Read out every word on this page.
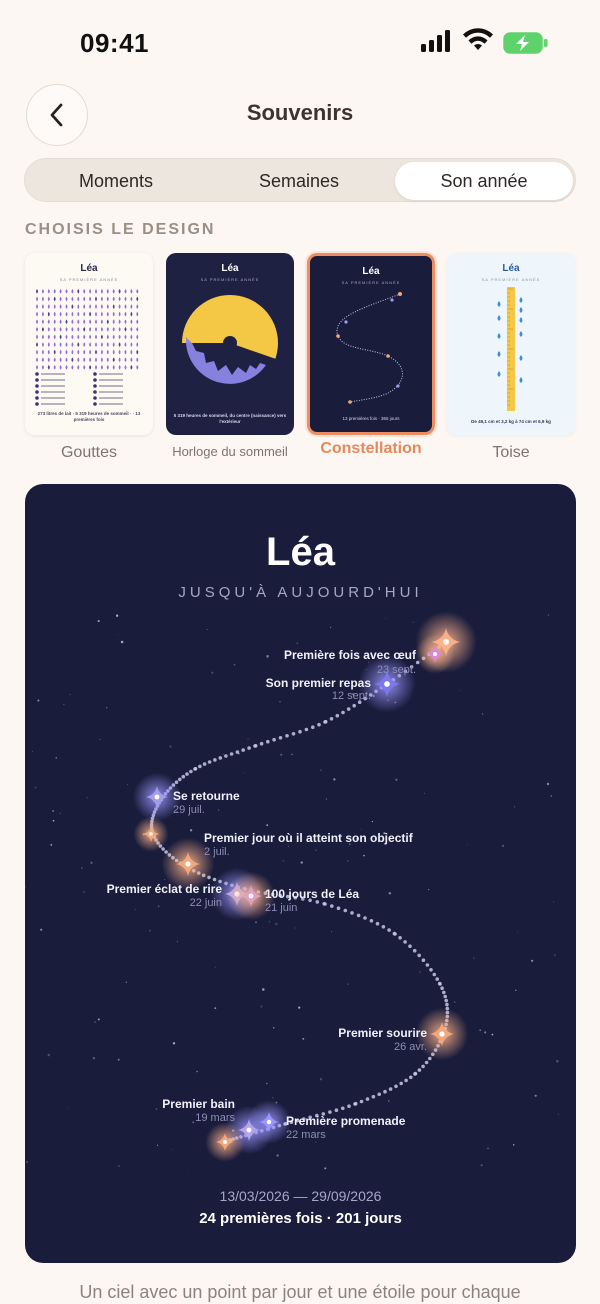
09:41
Souvenirs
Moments	Semaines	Son année
CHOISIS LE DESIGN
Léa
SA PREMIÈRE ANNÉE
273 litres de lait · 5 319 heures de sommeil · · 13 premières fois
Léa
SA PREMIÈRE ANNÉE
5 319 heures de sommeil, du centre (naissance) vers l'extérieur
Léa
SA PREMIÈRE ANNÉE
13 premières fois · 365 jours
Léa
SA PREMIÈRE ANNÉE
De 49,1 cm et 3,2 kg à 74 cm et 6,9 kg
Gouttes	Horloge du sommeil	Constellation	Toise
Léa
JUSQU'À AUJOURD'HUI
Première fois avec œuf
23 sept.
Son premier repas
12 sept.
Se retourne
29 juil.
Premier jour où il atteint son objectif
2 juil.
Premier éclat de rire
22 juin
100 jours de Léa
21 juin
Premier sourire
26 avr.
Premier bain
19 mars	Première promenade
22 mars
13/03/2026 — 29/09/2026
24 premières fois · 201 jours
Un ciel avec un point par jour et une étoile pour chaque
